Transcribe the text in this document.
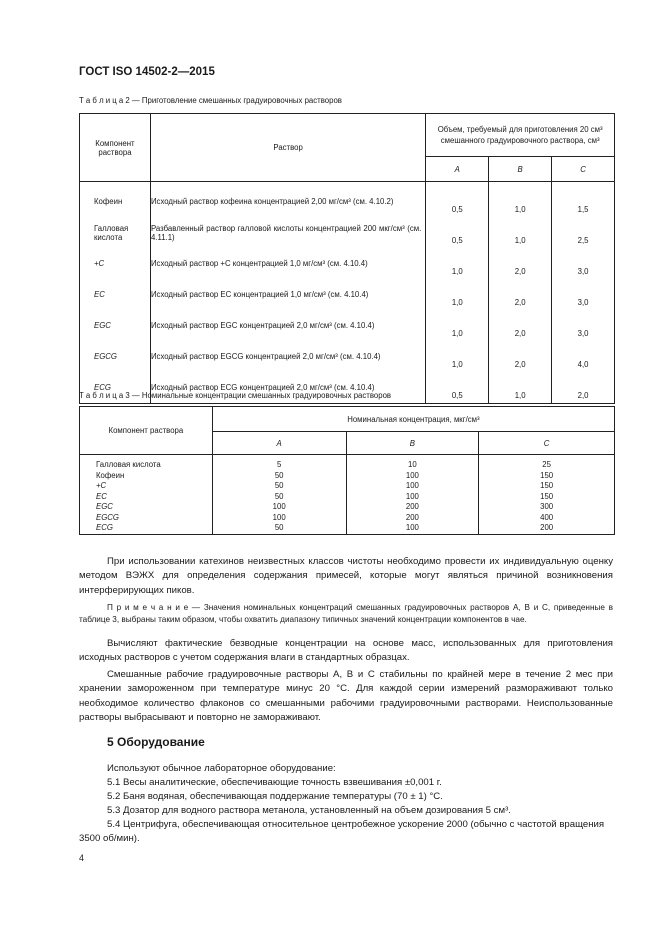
ГОСТ ISO 14502-2—2015
Т а б л и ц а 2 — Приготовление смешанных градуировочных растворов
Компонент раствора	Раствор	Объем, требуемый для приготовления 20 см³ смешанного градуировочного раствора, см³		
		A	B	C
Кофеин	Исходный раствор кофеина концентрацией 2,00 мг/см³ (см. 4.10.2)	0,5	1,0	1,5
Галловая кислота	Разбавленный раствор галловой кислоты концентрацией 200 мкг/см³ (см. 4.11.1)	0,5	1,0	2,5
+C	Исходный раствор +C концентрацией 1,0 мг/см³ (см. 4.10.4)	1,0	2,0	3,0
EC	Исходный раствор EC концентрацией 1,0 мг/см³ (см. 4.10.4)	1,0	2,0	3,0
EGC	Исходный раствор EGC концентрацией 2,0 мг/см³ (см. 4.10.4)	1,0	2,0	3,0
EGCG	Исходный раствор EGCG концентрацией 2,0 мг/см³ (см. 4.10.4)	1,0	2,0	4,0
ECG	Исходный раствор ECG концентрацией 2,0 мг/см³ (см. 4.10.4)	0,5	1,0	2,0
Т а б л и ц а 3 — Номинальные концентрации смешанных градуировочных растворов
Компонент раствора	Номинальная концентрация, мкг/см³		
	A	B	C
Галловая кислота	5	10	25
Кофеин	50	100	150
+C	50	100	150
EC	50	100	150
EGC	100	200	300
EGCG	100	200	400
ECG	50	100	200
При использовании катехинов неизвестных классов чистоты необходимо провести их индивидуальную оценку методом ВЭЖХ для определения содержания примесей, которые могут являться причиной возникновения интерферирующих пиков.
П р и м е ч а н и е — Значения номинальных концентраций смешанных градуировочных растворов A, B и C, приведенные в таблице 3, выбраны таким образом, чтобы охватить диапазону типичных значений концентрации компонентов в чае.
Вычисляют фактические безводные концентрации на основе масс, использованных для приготовления исходных растворов с учетом содержания влаги в стандартных образцах.
Смешанные рабочие градуировочные растворы A, B и C стабильны по крайней мере в течение 2 мес при хранении замороженном при температуре минус 20 °С. Для каждой серии измерений размораживают только необходимое количество флаконов со смешанными рабочими градуировочными растворами. Неиспользованные растворы выбрасывают и повторно не замораживают.
5 Оборудование
Используют обычное лабораторное оборудование:
5.1 Весы аналитические, обеспечивающие точность взвешивания ±0,001 г.
5.2 Баня водяная, обеспечивающая поддержание температуры (70 ± 1) °С.
5.3 Дозатор для водного раствора метанола, установленный на объем дозирования 5 см³.
5.4 Центрифуга, обеспечивающая относительное центробежное ускорение 2000 (обычно с частотой вращения 3500 об/мин).
4
